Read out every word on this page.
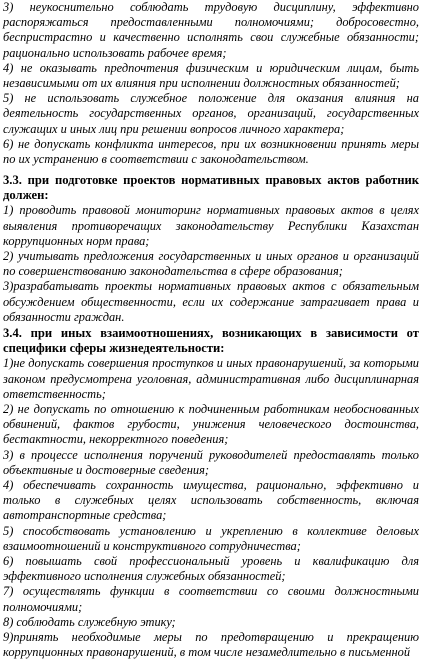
3) неукоснительно соблюдать трудовую дисциплину, эффективно распоряжаться предоставленными полномочиями; добросовестно, беспристрастно и качественно исполнять свои служебные обязанности; рационально использовать рабочее время;

4) не оказывать предпочтения физическим и юридическим лицам, быть независимыми от их влияния при исполнении должностных обязанностей;

5) не использовать служебное положение для оказания влияния на деятельность государственных органов, организаций, государственных служащих и иных лиц при решении вопросов личного характера;

6) не допускать конфликта интересов, при их возникновении принять меры по их устранению в соответствии с законодательством.

3.3. при подготовке проектов нормативных правовых актов работник должен:

1) проводить правовой мониторинг нормативных правовых актов в целях выявления противоречащих законодательству Республики Казахстан коррупционных норм права;

2) учитывать предложения государственных и иных органов и организаций по совершенствованию законодательства в сфере образования;

3)разрабатывать проекты нормативных правовых актов с обязательным обсуждением общественности, если их содержание затрагивает права и обязанности граждан.

3.4. при иных взаимоотношениях, возникающих в зависимости от специфики сферы жизнедеятельности:

1)не допускать совершения проступков и иных правонарушений, за которыми законом предусмотрена уголовная, административная либо дисциплинарная ответственность;

2) не допускать по отношению к подчиненным работникам необоснованных обвинений, фактов грубости, унижения человеческого достоинства, бестактности, некорректного поведения;

3) в процессе исполнения поручений руководителей предоставлять только объективные и достоверные сведения;

4) обеспечивать сохранность имущества, рационально, эффективно и только в служебных целях использовать собственность, включая автотранспортные средства;

5) способствовать установлению и укреплению в коллективе деловых взаимоотношений и конструктивного сотрудничества;

6) повышать свой профессиональный уровень и квалификацию для эффективного исполнения служебных обязанностей;

7) осуществлять функции в соответствии со своими должностными полномочиями;

8) соблюдать служебную этику;

9)принять необходимые меры по предотвращению и прекращению коррупционных правонарушений, в том числе незамедлительно в письменной
